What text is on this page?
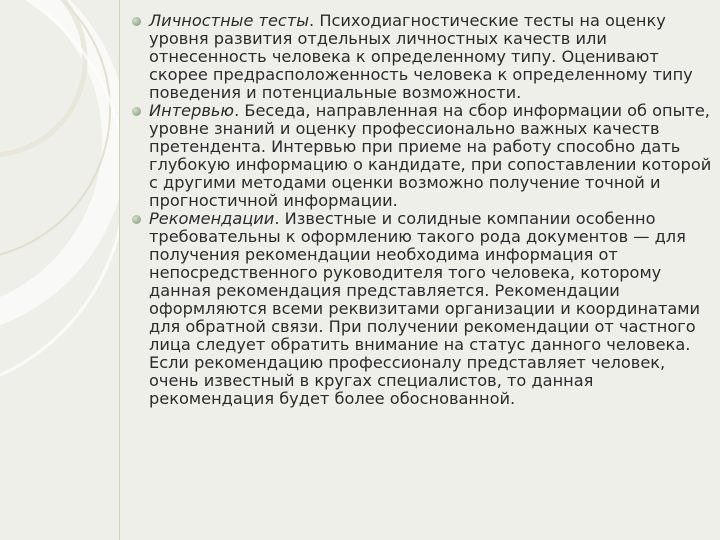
Личностные тесты. Психодиагностические тесты на оценку уровня развития отдельных личностных качеств или отнесенность человека к определенному типу. Оценивают скорее предрасположенность человека к определенному типу поведения и потенциальные возможности.

Интервью. Беседа, направленная на сбор информации об опыте, уровне знаний и оценку профессионально важных качеств претендента. Интервью при приеме на работу способно дать глубокую информацию о кандидате, при сопоставлении которой с другими методами оценки возможно получение точной и прогностичной информации.

Рекомендации. Известные и солидные компании особенно требовательны к оформлению такого рода документов — для получения рекомендации необходима информация от непосредственного руководителя того человека, которому данная рекомендация представляется. Рекомендации оформляются всеми реквизитами организации и координатами для обратной связи. При получении рекомендации от частного лица следует обратить внимание на статус данного человека. Если рекомендацию профессионалу представляет человек, очень известный в кругах специалистов, то данная рекомендация будет более обоснованной.
